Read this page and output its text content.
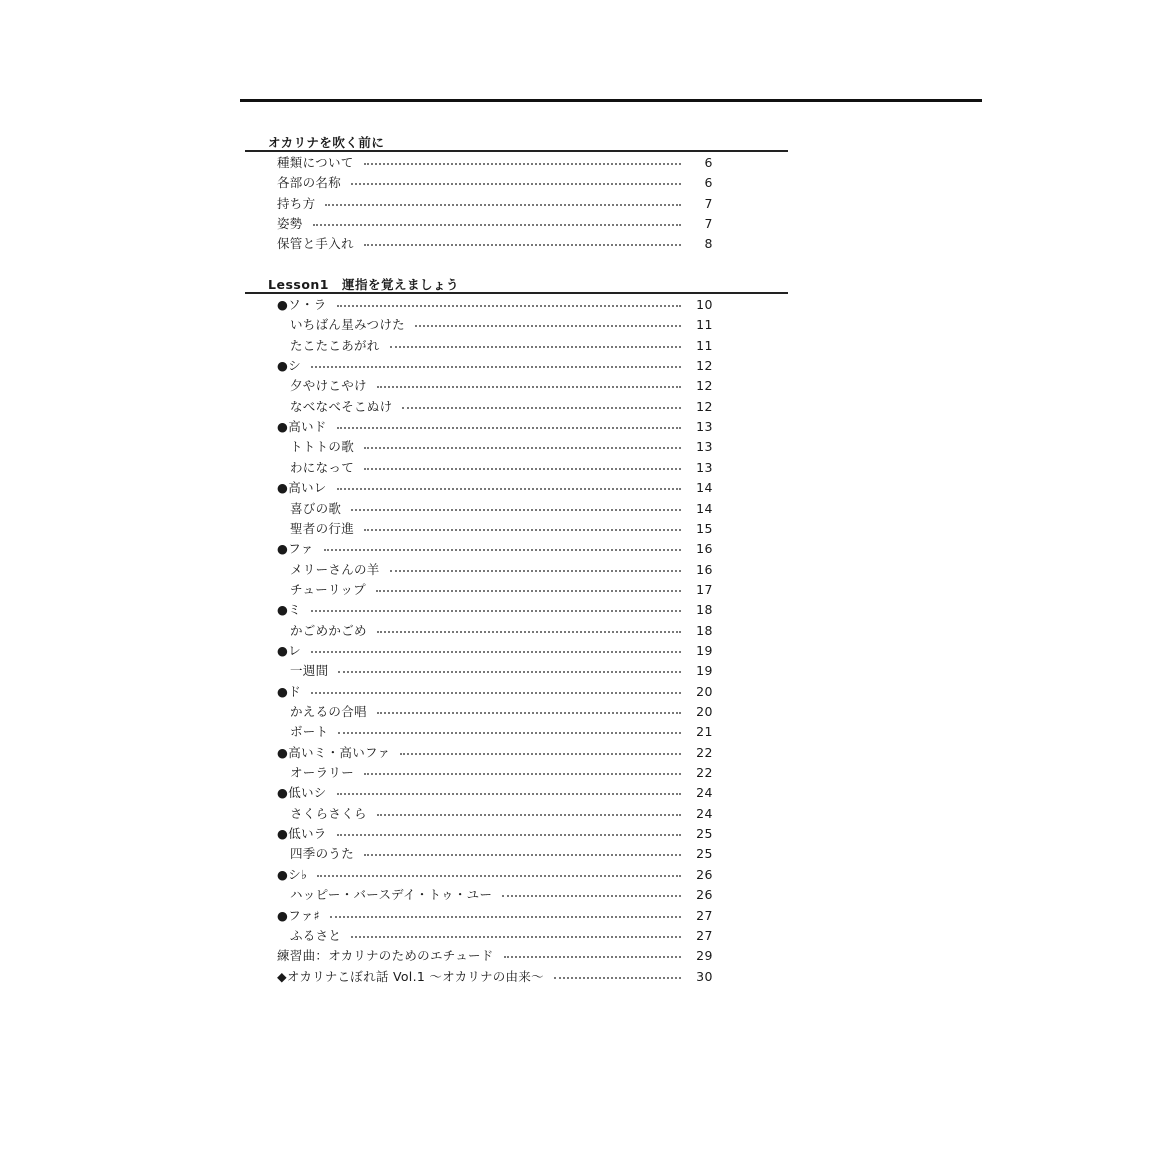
オカリナを吹く前に
種類について	6
各部の名称	6
持ち方	7
姿勢	7
保管と手入れ	8
Lesson1　運指を覚えましょう
●ソ・ラ	10
いちばん星みつけた	11
たこたこあがれ	11
●シ	12
夕やけこやけ	12
なべなべそこぬけ	12
●高いド	13
トトトの歌	13
わになって	13
●高いレ	14
喜びの歌	14
聖者の行進	15
●ファ	16
メリーさんの羊	16
チューリップ	17
●ミ	18
かごめかごめ	18
●レ	19
一週間	19
●ド	20
かえるの合唱	20
ボート	21
●高いミ・高いファ	22
オーラリー	22
●低いシ	24
さくらさくら	24
●低いラ	25
四季のうた	25
●シ♭	26
ハッピー・バースデイ・トゥ・ユー	26
●ファ♯	27
ふるさと	27
練習曲：オカリナのためのエチュード	29
◆オカリナこぼれ話 Vol.1 〜オカリナの由来〜	30
